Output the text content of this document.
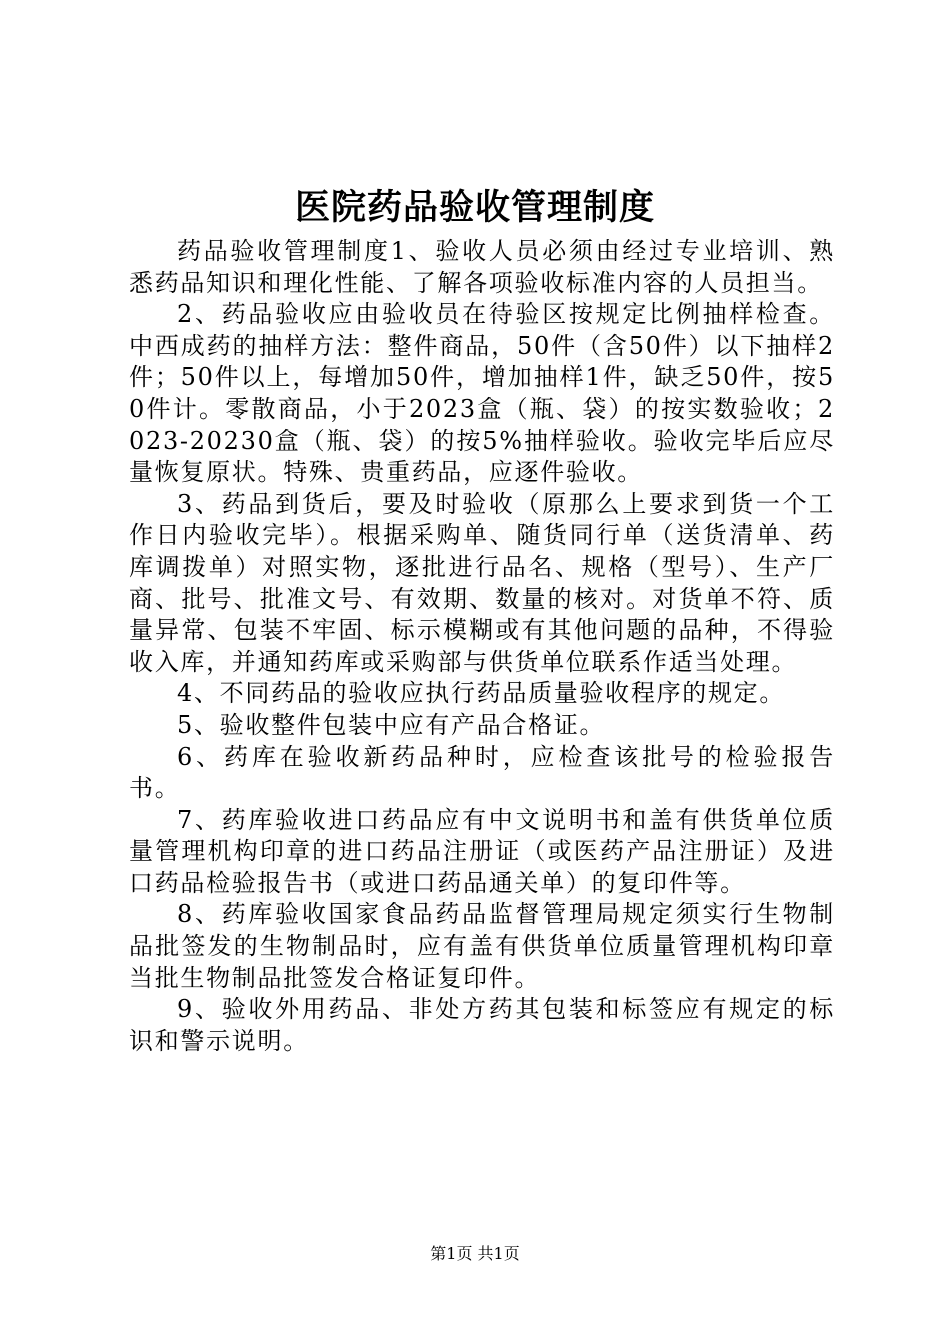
医院药品验收管理制度

药品验收管理制度1、验收人员必须由经过专业培训、熟悉药品知识和理化性能、了解各项验收标准内容的人员担当。

2、药品验收应由验收员在待验区按规定比例抽样检查。中西成药的抽样方法：整件商品，50件（含50件）以下抽样2件；50件以上，每增加50件，增加抽样1件，缺乏50件，按50件计。零散商品，小于2023盒（瓶、袋）的按实数验收；2023-20230盒（瓶、袋）的按5%抽样验收。验收完毕后应尽量恢复原状。特殊、贵重药品，应逐件验收。

3、药品到货后，要及时验收（原那么上要求到货一个工作日内验收完毕）。根据采购单、随货同行单（送货清单、药库调拨单）对照实物，逐批进行品名、规格（型号）、生产厂商、批号、批准文号、有效期、数量的核对。对货单不符、质量异常、包装不牢固、标示模糊或有其他问题的品种，不得验收入库，并通知药库或采购部与供货单位联系作适当处理。

4、不同药品的验收应执行药品质量验收程序的规定。

5、验收整件包装中应有产品合格证。

6、药库在验收新药品种时，应检查该批号的检验报告书。

7、药库验收进口药品应有中文说明书和盖有供货单位质量管理机构印章的进口药品注册证（或医药产品注册证）及进口药品检验报告书（或进口药品通关单）的复印件等。

8、药库验收国家食品药品监督管理局规定须实行生物制品批签发的生物制品时，应有盖有供货单位质量管理机构印章当批生物制品批签发合格证复印件。

9、验收外用药品、非处方药其包装和标签应有规定的标识和警示说明。

第1页 共1页
